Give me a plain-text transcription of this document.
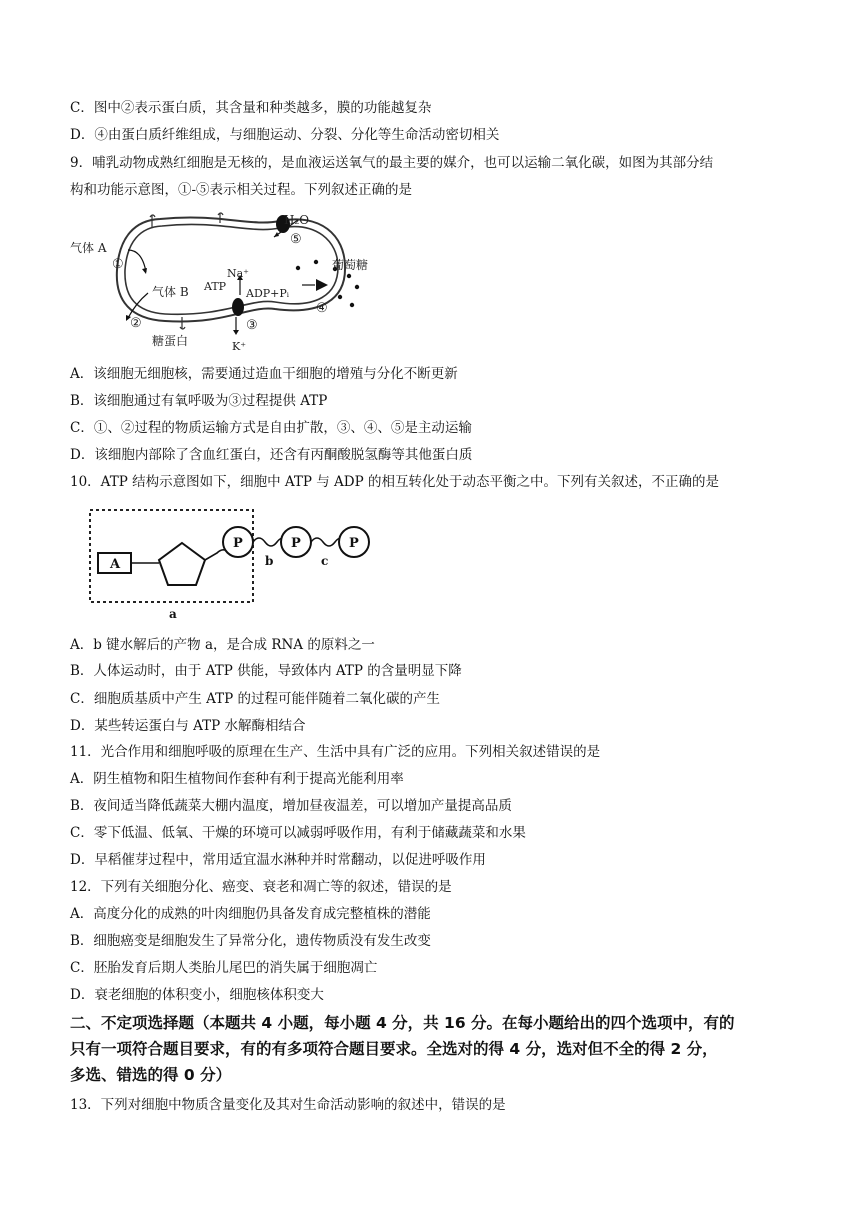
C．图中②表示蛋白质，其含量和种类越多，膜的功能越复杂
D．④由蛋白质纤维组成，与细胞运动、分裂、分化等生命活动密切相关
9．哺乳动物成熟红细胞是无核的，是血液运送氧气的最主要的媒介，也可以运输二氧化碳，如图为其部分结
构和功能示意图，①-⑤表示相关过程。下列叙述正确的是
气体 A
①
气体 B
②
H₂O
⑤
葡萄糖
④
Na⁺
ATP
ADP+Pᵢ
③
K⁺
糖蛋白
A．该细胞无细胞核，需要通过造血干细胞的增殖与分化不断更新
B．该细胞通过有氧呼吸为③过程提供 ATP
C．①、②过程的物质运输方式是自由扩散，③、④、⑤是主动运输
D．该细胞内部除了含血红蛋白，还含有丙酮酸脱氢酶等其他蛋白质
10．ATP 结构示意图如下，细胞中 ATP 与 ADP 的相互转化处于动态平衡之中。下列有关叙述，不正确的是
A
P	P	P
b	c
a
A．b 键水解后的产物 a，是合成 RNA 的原料之一
B．人体运动时，由于 ATP 供能，导致体内 ATP 的含量明显下降
C．细胞质基质中产生 ATP 的过程可能伴随着二氧化碳的产生
D．某些转运蛋白与 ATP 水解酶相结合
11．光合作用和细胞呼吸的原理在生产、生活中具有广泛的应用。下列相关叙述错误的是
A．阴生植物和阳生植物间作套种有利于提高光能利用率
B．夜间适当降低蔬菜大棚内温度，增加昼夜温差，可以增加产量提高品质
C．零下低温、低氧、干燥的环境可以减弱呼吸作用，有利于储藏蔬菜和水果
D．早稻催芽过程中，常用适宜温水淋种并时常翻动，以促进呼吸作用
12．下列有关细胞分化、癌变、衰老和凋亡等的叙述，错误的是
A．高度分化的成熟的叶肉细胞仍具备发育成完整植株的潜能
B．细胞癌变是细胞发生了异常分化，遗传物质没有发生改变
C．胚胎发育后期人类胎儿尾巴的消失属于细胞凋亡
D．衰老细胞的体积变小，细胞核体积变大
二、不定项选择题（本题共 4 小题，每小题 4 分，共 16 分。在每小题给出的四个选项中，有的
只有一项符合题目要求，有的有多项符合题目要求。全选对的得 4 分，选对但不全的得 2 分，
多选、错选的得 0 分）
13．下列对细胞中物质含量变化及其对生命活动影响的叙述中，错误的是
